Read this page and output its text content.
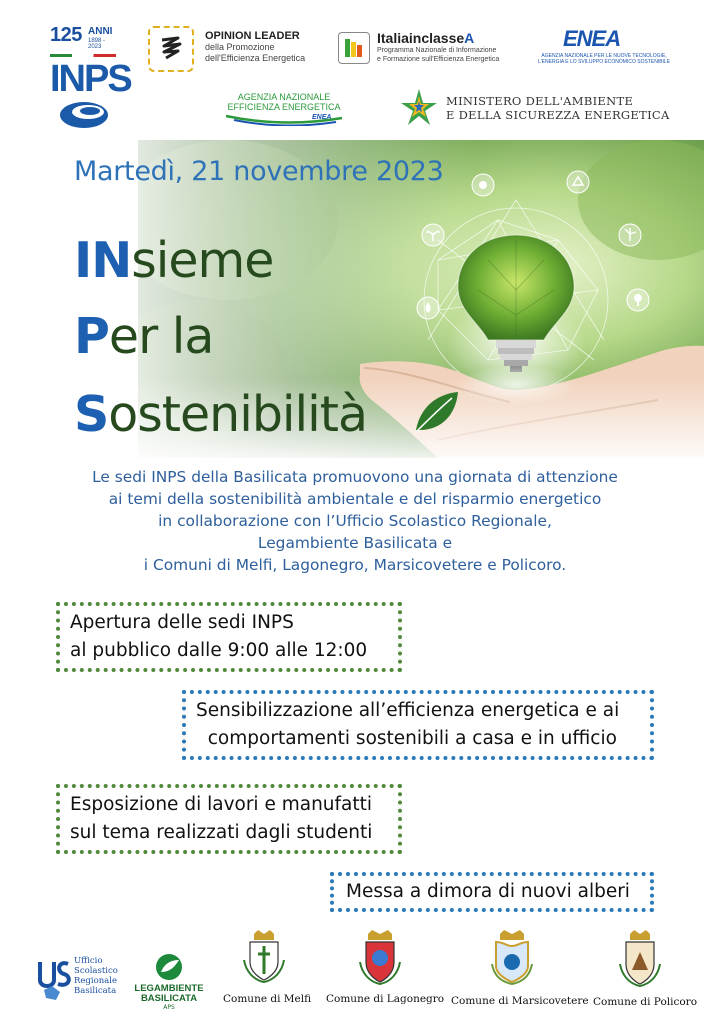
125 ANNI
1898 - 2023
INPS
OPINION LEADER
della Promozione
dell'Efficienza Energetica
ItaliainclasseA
Programma Nazionale di Informazione
e Formazione sull'Efficienza Energetica
ENEA
AGENZIA NAZIONALE PER LE NUOVE TECNOLOGIE,
L'ENERGIA E LO SVILUPPO ECONOMICO SOSTENIBILE
AGENZIA NAZIONALE
EFFICIENZA ENERGETICA
ENEA
MINISTERO DELL'AMBIENTE
E DELLA SICUREZZA ENERGETICA
Martedì, 21 novembre 2023
INsieme
Per la
Sostenibilità
Le sedi INPS della Basilicata promuovono una giornata di attenzione
ai temi della sostenibilità ambientale e del risparmio energetico
in collaborazione con l’Ufficio Scolastico Regionale,
Legambiente Basilicata e
i Comuni di Melfi, Lagonegro, Marsicovetere e Policoro.
Apertura delle sedi INPS
al pubblico dalle 9:00 alle 12:00
Sensibilizzazione all’efficienza energetica e ai
comportamenti sostenibili a casa e in ufficio
Esposizione di lavori e manufatti
sul tema realizzati dagli studenti
Messa a dimora di nuovi alberi
Ufficio
Scolastico
Regionale
Basilicata LEGAMBIENTE
BASILICATA
APS
Comune di Melfi Comune di Lagonegro Comune di Marsicovetere Comune di Policoro
